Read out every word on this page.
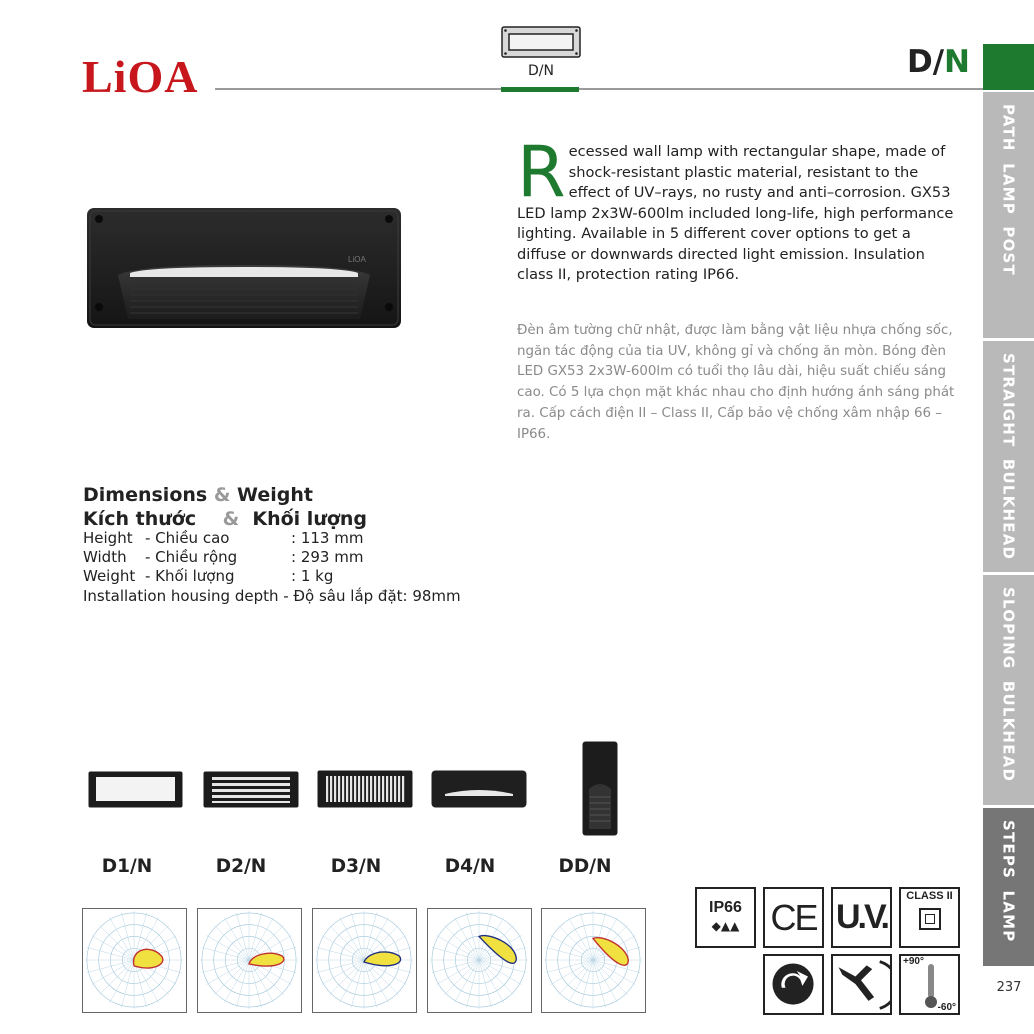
LiOA	D/N	D/N
PATH LAMP POST
STRAIGHT BULKHEAD
SLOPING BULKHEAD
STEPS LAMP
237
LiOA
Recessed wall lamp with rectangular shape, made of shock-resistant plastic material, resistant to the effect of UV–rays, no rusty and anti–corrosion. GX53 LED lamp 2x3W-600lm included long-life, high performance lighting. Available in 5 different cover options to get a diffuse or downwards directed light emission. Insulation class II, protection rating IP66.
Đèn âm tường chữ nhật, được làm bằng vật liệu nhựa chống sốc, ngăn tác động của tia UV, không gỉ và chống ăn mòn. Bóng đèn LED GX53 2x3W-600lm có tuổi thọ lâu dài, hiệu suất chiếu sáng cao. Có 5 lựa chọn mặt khác nhau cho định hướng ánh sáng phát ra. Cấp cách điện II – Class II, Cấp bảo vệ chống xâm nhập 66 – IP66.
Dimensions & Weight
Kích thước & Khối lượng
Height - Chiều cao	: 113 mm
Width - Chiều rộng	: 293 mm
Weight - Khối lượng	: 1 kg
Installation housing depth - Độ sâu lắp đặt: 98mm
D1/N	D2/N	D3/N	D4/N	DD/N
IP66
◆▲▲ CE U.V.
CLASS II
+90°
-60°
